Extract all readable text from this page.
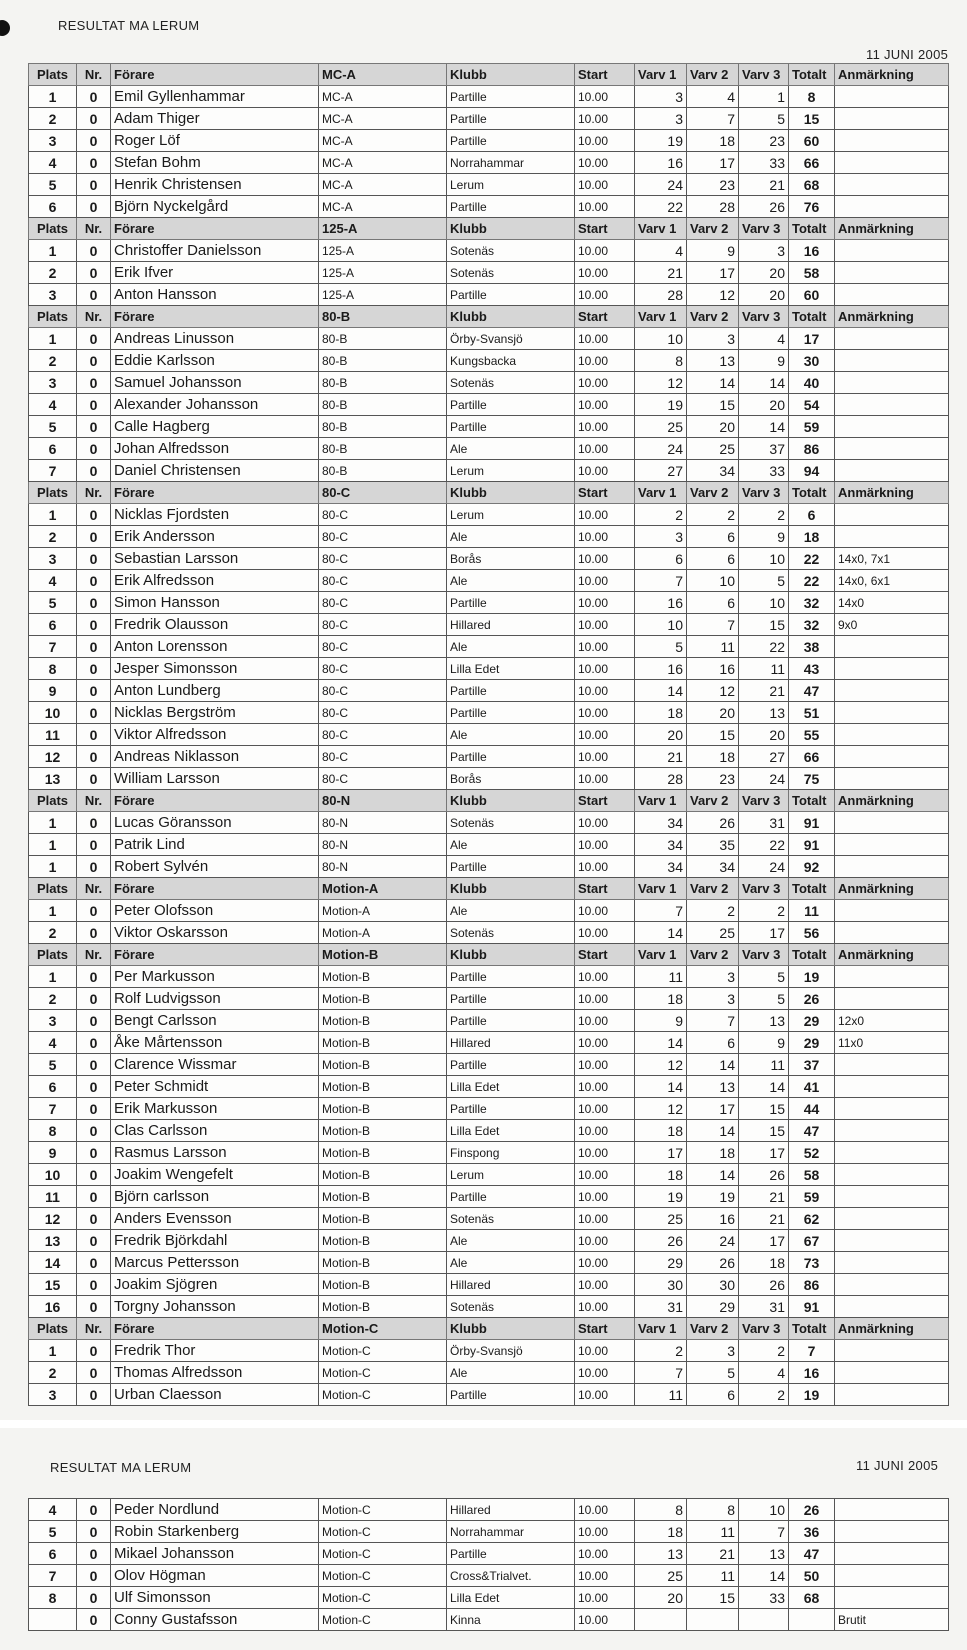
RESULTAT MA LERUM
11 JUNI 2005
Plats	Nr.	Förare	MC-A	Klubb	Start	Varv 1	Varv 2	Varv 3	Totalt	Anmärkning
1	0	Emil Gyllenhammar	MC-A	Partille	10.00	3	4	1	8	
2	0	Adam Thiger	MC-A	Partille	10.00	3	7	5	15	
3	0	Roger Löf	MC-A	Partille	10.00	19	18	23	60	
4	0	Stefan Bohm	MC-A	Norrahammar	10.00	16	17	33	66	
5	0	Henrik Christensen	MC-A	Lerum	10.00	24	23	21	68	
6	0	Björn Nyckelgård	MC-A	Partille	10.00	22	28	26	76	
Plats	Nr.	Förare	125-A	Klubb	Start	Varv 1	Varv 2	Varv 3	Totalt	Anmärkning
1	0	Christoffer Danielsson	125-A	Sotenäs	10.00	4	9	3	16	
2	0	Erik Ifver	125-A	Sotenäs	10.00	21	17	20	58	
3	0	Anton Hansson	125-A	Partille	10.00	28	12	20	60	
Plats	Nr.	Förare	80-B	Klubb	Start	Varv 1	Varv 2	Varv 3	Totalt	Anmärkning
1	0	Andreas Linusson	80-B	Örby-Svansjö	10.00	10	3	4	17	
2	0	Eddie Karlsson	80-B	Kungsbacka	10.00	8	13	9	30	
3	0	Samuel Johansson	80-B	Sotenäs	10.00	12	14	14	40	
4	0	Alexander Johansson	80-B	Partille	10.00	19	15	20	54	
5	0	Calle Hagberg	80-B	Partille	10.00	25	20	14	59	
6	0	Johan Alfredsson	80-B	Ale	10.00	24	25	37	86	
7	0	Daniel Christensen	80-B	Lerum	10.00	27	34	33	94	
Plats	Nr.	Förare	80-C	Klubb	Start	Varv 1	Varv 2	Varv 3	Totalt	Anmärkning
1	0	Nicklas Fjordsten	80-C	Lerum	10.00	2	2	2	6	
2	0	Erik Andersson	80-C	Ale	10.00	3	6	9	18	
3	0	Sebastian Larsson	80-C	Borås	10.00	6	6	10	22	14x0, 7x1
4	0	Erik Alfredsson	80-C	Ale	10.00	7	10	5	22	14x0, 6x1
5	0	Simon Hansson	80-C	Partille	10.00	16	6	10	32	14x0
6	0	Fredrik Olausson	80-C	Hillared	10.00	10	7	15	32	9x0
7	0	Anton Lorensson	80-C	Ale	10.00	5	11	22	38	
8	0	Jesper Simonsson	80-C	Lilla Edet	10.00	16	16	11	43	
9	0	Anton Lundberg	80-C	Partille	10.00	14	12	21	47	
10	0	Nicklas Bergström	80-C	Partille	10.00	18	20	13	51	
11	0	Viktor Alfredsson	80-C	Ale	10.00	20	15	20	55	
12	0	Andreas Niklasson	80-C	Partille	10.00	21	18	27	66	
13	0	William Larsson	80-C	Borås	10.00	28	23	24	75	
Plats	Nr.	Förare	80-N	Klubb	Start	Varv 1	Varv 2	Varv 3	Totalt	Anmärkning
1	0	Lucas Göransson	80-N	Sotenäs	10.00	34	26	31	91	
1	0	Patrik Lind	80-N	Ale	10.00	34	35	22	91	
1	0	Robert Sylvén	80-N	Partille	10.00	34	34	24	92	
Plats	Nr.	Förare	Motion-A	Klubb	Start	Varv 1	Varv 2	Varv 3	Totalt	Anmärkning
1	0	Peter Olofsson	Motion-A	Ale	10.00	7	2	2	11	
2	0	Viktor Oskarsson	Motion-A	Sotenäs	10.00	14	25	17	56	
Plats	Nr.	Förare	Motion-B	Klubb	Start	Varv 1	Varv 2	Varv 3	Totalt	Anmärkning
1	0	Per Markusson	Motion-B	Partille	10.00	11	3	5	19	
2	0	Rolf Ludvigsson	Motion-B	Partille	10.00	18	3	5	26	
3	0	Bengt Carlsson	Motion-B	Partille	10.00	9	7	13	29	12x0
4	0	Åke Mårtensson	Motion-B	Hillared	10.00	14	6	9	29	11x0
5	0	Clarence Wissmar	Motion-B	Partille	10.00	12	14	11	37	
6	0	Peter Schmidt	Motion-B	Lilla Edet	10.00	14	13	14	41	
7	0	Erik Markusson	Motion-B	Partille	10.00	12	17	15	44	
8	0	Clas Carlsson	Motion-B	Lilla Edet	10.00	18	14	15	47	
9	0	Rasmus Larsson	Motion-B	Finspong	10.00	17	18	17	52	
10	0	Joakim Wengefelt	Motion-B	Lerum	10.00	18	14	26	58	
11	0	Björn carlsson	Motion-B	Partille	10.00	19	19	21	59	
12	0	Anders Evensson	Motion-B	Sotenäs	10.00	25	16	21	62	
13	0	Fredrik Björkdahl	Motion-B	Ale	10.00	26	24	17	67	
14	0	Marcus Pettersson	Motion-B	Ale	10.00	29	26	18	73	
15	0	Joakim Sjögren	Motion-B	Hillared	10.00	30	30	26	86	
16	0	Torgny Johansson	Motion-B	Sotenäs	10.00	31	29	31	91	
Plats	Nr.	Förare	Motion-C	Klubb	Start	Varv 1	Varv 2	Varv 3	Totalt	Anmärkning
1	0	Fredrik Thor	Motion-C	Örby-Svansjö	10.00	2	3	2	7	
2	0	Thomas Alfredsson	Motion-C	Ale	10.00	7	5	4	16	
3	0	Urban Claesson	Motion-C	Partille	10.00	11	6	2	19	
RESULTAT MA LERUM	11 JUNI 2005
4	0	Peder Nordlund	Motion-C	Hillared	10.00	8	8	10	26	
5	0	Robin Starkenberg	Motion-C	Norrahammar	10.00	18	11	7	36	
6	0	Mikael Johansson	Motion-C	Partille	10.00	13	21	13	47	
7	0	Olov Högman	Motion-C	Cross&Trialvet.	10.00	25	11	14	50	
8	0	Ulf Simonsson	Motion-C	Lilla Edet	10.00	20	15	33	68	
	0	Conny Gustafsson	Motion-C	Kinna	10.00					Brutit
